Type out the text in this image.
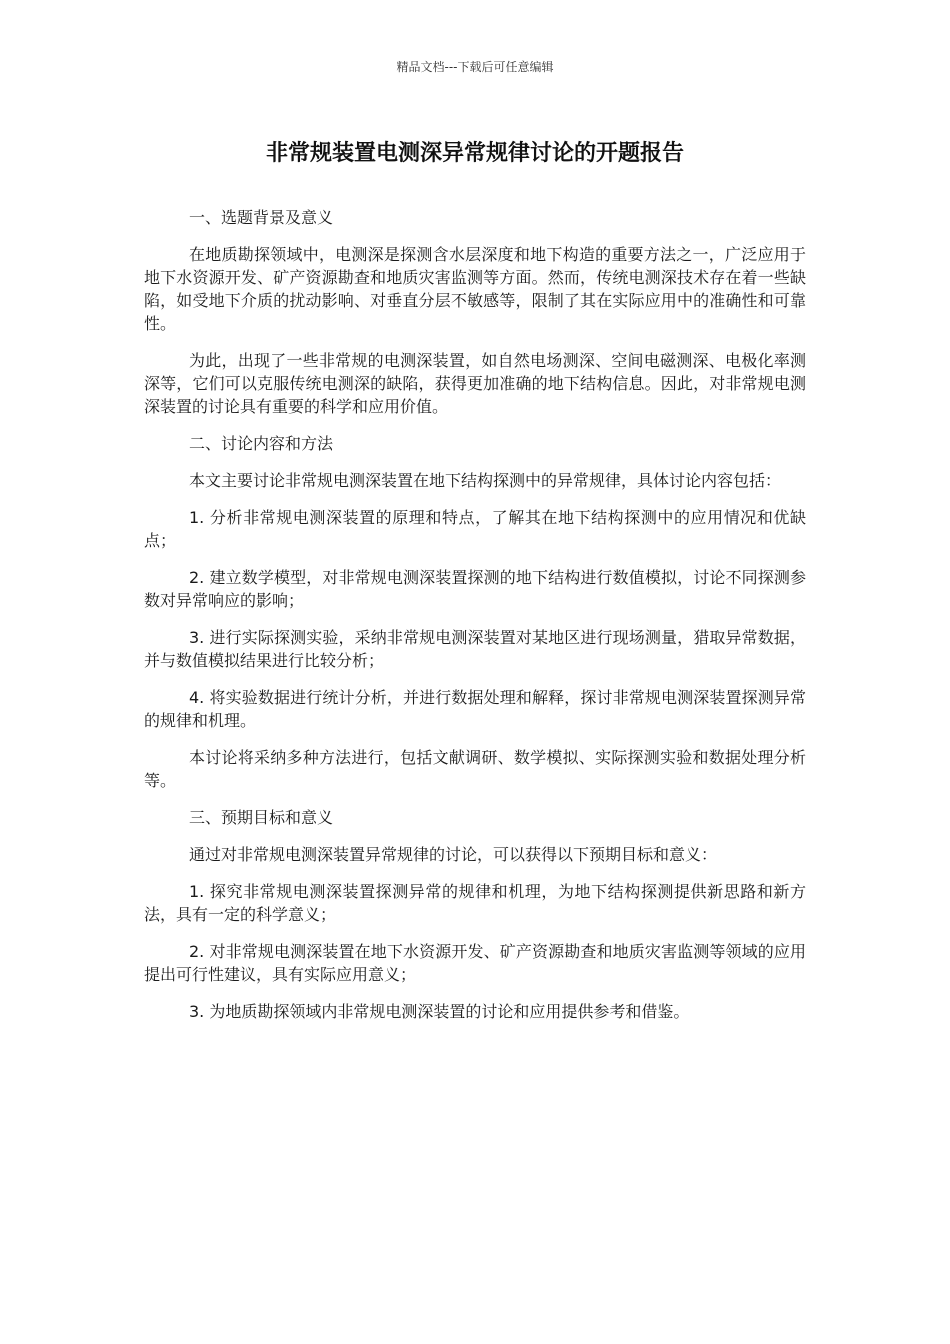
精品文档---下载后可任意编辑
非常规装置电测深异常规律讨论的开题报告

一、选题背景及意义

在地质勘探领域中，电测深是探测含水层深度和地下构造的重要方法之一，广泛应用于地下水资源开发、矿产资源勘查和地质灾害监测等方面。然而，传统电测深技术存在着一些缺陷，如受地下介质的扰动影响、对垂直分层不敏感等，限制了其在实际应用中的准确性和可靠性。

为此，出现了一些非常规的电测深装置，如自然电场测深、空间电磁测深、电极化率测深等，它们可以克服传统电测深的缺陷，获得更加准确的地下结构信息。因此，对非常规电测深装置的讨论具有重要的科学和应用价值。

二、讨论内容和方法

本文主要讨论非常规电测深装置在地下结构探测中的异常规律，具体讨论内容包括：

1. 分析非常规电测深装置的原理和特点，了解其在地下结构探测中的应用情况和优缺点；

2. 建立数学模型，对非常规电测深装置探测的地下结构进行数值模拟，讨论不同探测参数对异常响应的影响；

3. 进行实际探测实验，采纳非常规电测深装置对某地区进行现场测量，猎取异常数据，并与数值模拟结果进行比较分析；

4. 将实验数据进行统计分析，并进行数据处理和解释，探讨非常规电测深装置探测异常的规律和机理。

本讨论将采纳多种方法进行，包括文献调研、数学模拟、实际探测实验和数据处理分析等。

三、预期目标和意义

通过对非常规电测深装置异常规律的讨论，可以获得以下预期目标和意义：

1. 探究非常规电测深装置探测异常的规律和机理，为地下结构探测提供新思路和新方法，具有一定的科学意义；

2. 对非常规电测深装置在地下水资源开发、矿产资源勘查和地质灾害监测等领域的应用提出可行性建议，具有实际应用意义；

3. 为地质勘探领域内非常规电测深装置的讨论和应用提供参考和借鉴。
